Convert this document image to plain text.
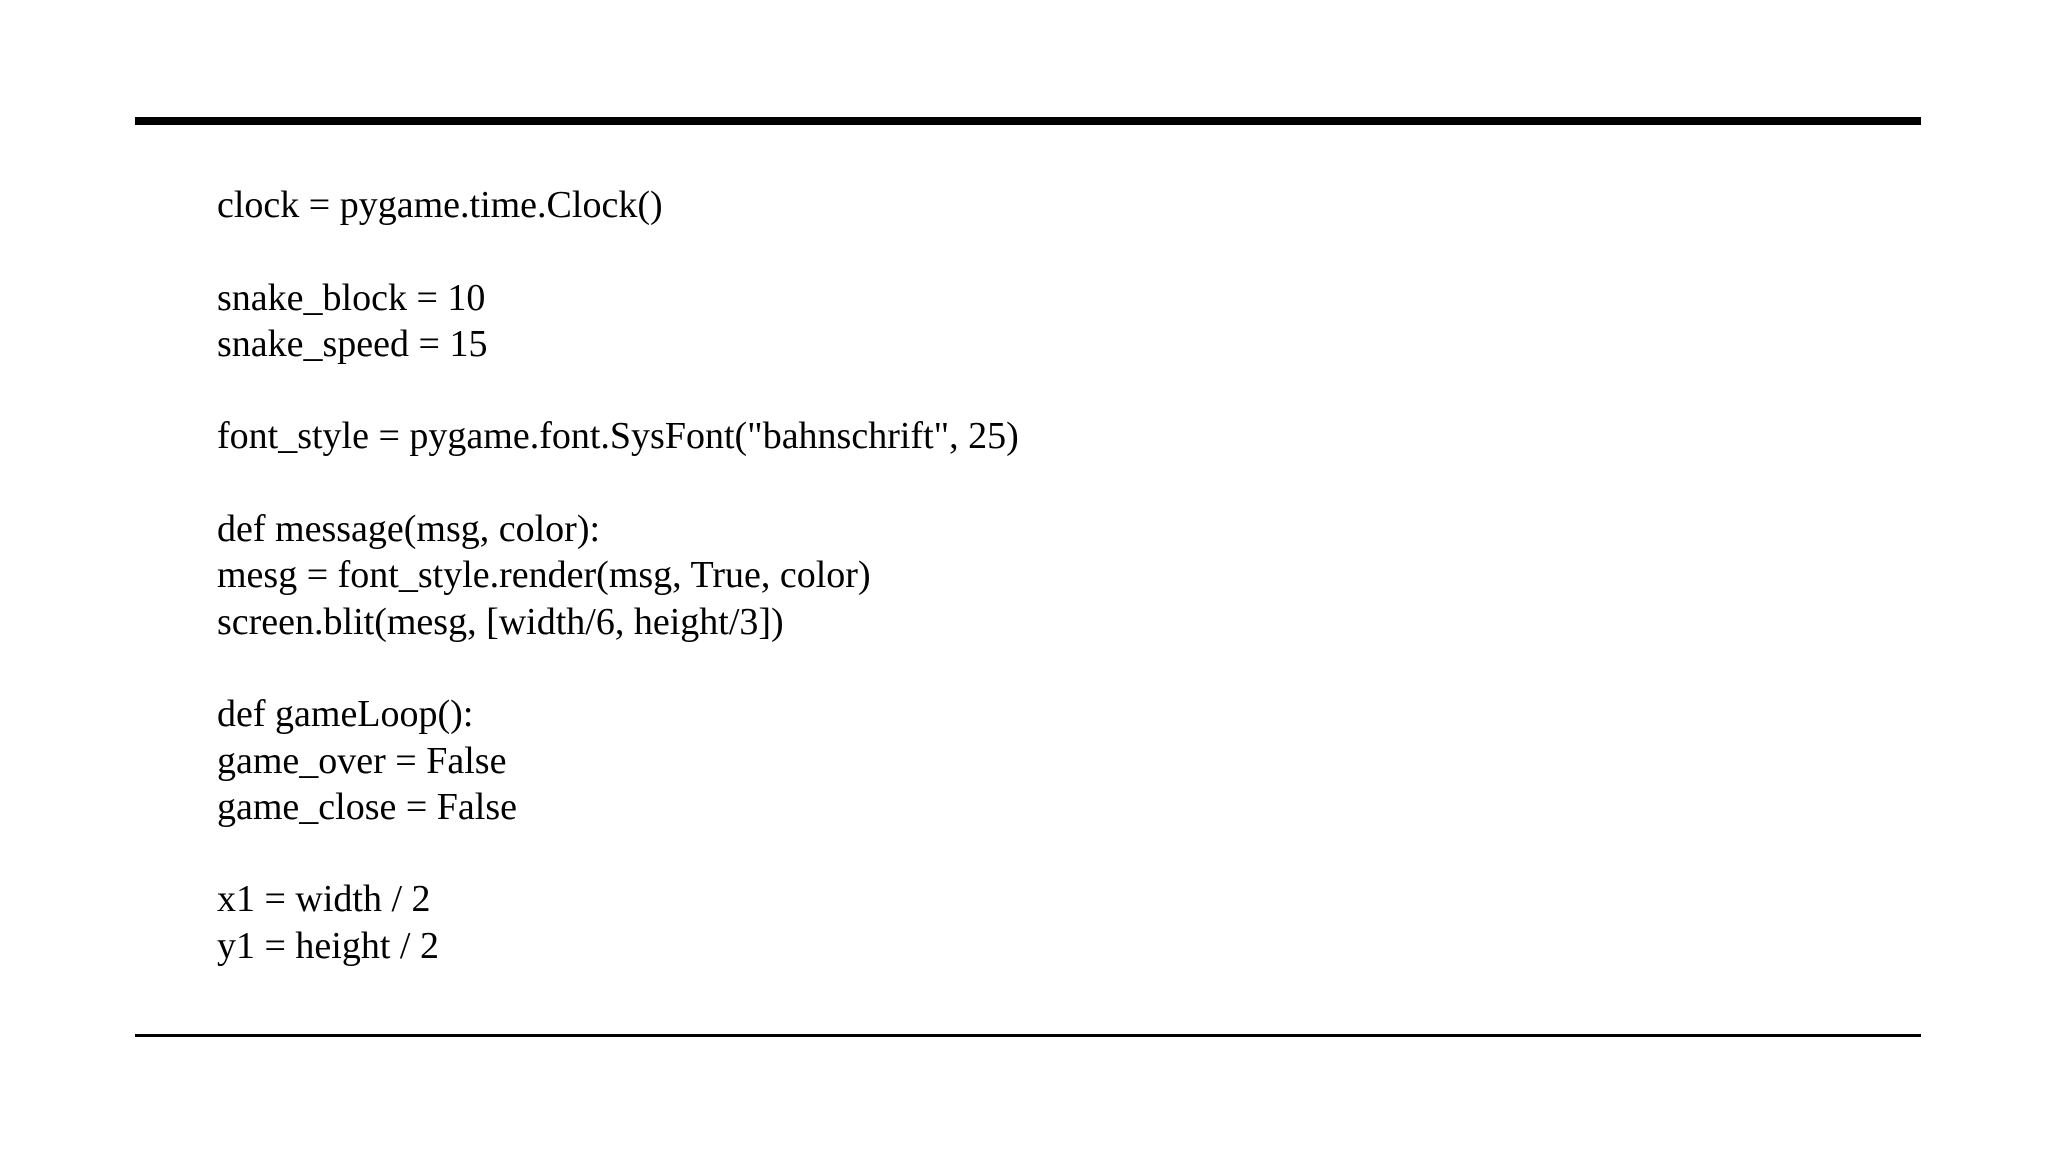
clock = pygame.time.Clock()
snake_block = 10
snake_speed = 15
font_style = pygame.font.SysFont("bahnschrift", 25)
def message(msg, color):
mesg = font_style.render(msg, True, color)
screen.blit(mesg, [width/6, height/3])
def gameLoop():
game_over = False
game_close = False
x1 = width / 2
y1 = height / 2
